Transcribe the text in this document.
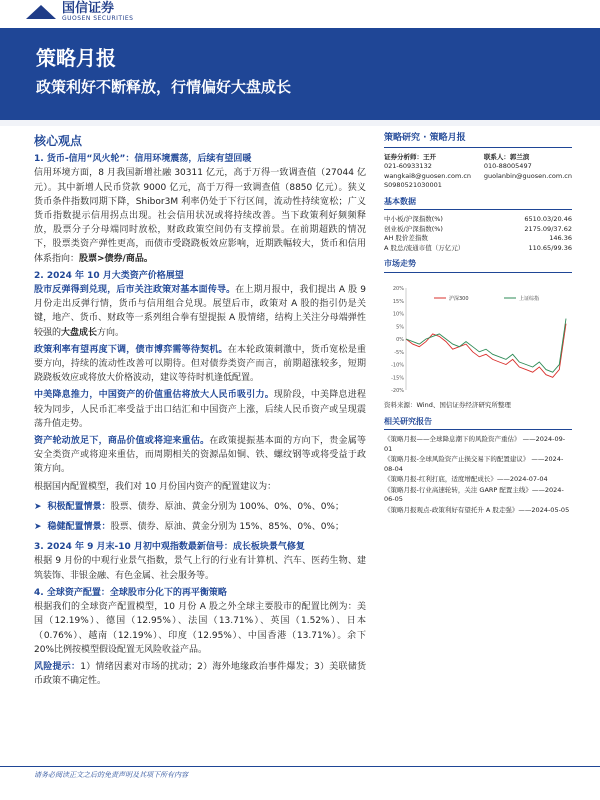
国信证券
GUOSEN SECURITIES
策略月报
政策利好不断释放，行情偏好大盘成长
核心观点
1. 货币-信用“风火轮”：信用环境震荡，后续有望回暖

信用环境方面，8 月我国新增社融 30311 亿元，高于万得一致调查值（27044 亿元）。其中新增人民币贷款 9000 亿元，高于万得一致调查值（8850 亿元）。狭义货币条件指数同期下降，Shibor3M 利率仍处于下行区间，流动性持续宽松；广义货币指数提示信用拐点出现。社会信用状况或将持续改善。当下政策利好频频释放，股票分子分母端同时放松，财政政策空间仍有支撑前景。在前期超跌的情况下，股票类资产弹性更高，而债市受跷跷板效应影响，近期跌幅较大，货币和信用体系指向：股票>债券/商品。

2. 2024 年 10 月大类资产价格展望

股市反弹得到兑现，后市关注政策对基本面传导。在上期月报中，我们提出 A 股 9 月份走出反弹行情，货币与信用组合兑现。展望后市，政策对 A 股的指引仍是关键，地产、货币、财政等一系列组合拳有望提振 A 股情绪，结构上关注分母端弹性较强的大盘成长方向。

政策利率有望再度下调，债市博弈需等待契机。在本轮政策刺激中，货币宽松是重要方向，持续的流动性改善可以期待。但对债券类资产而言，前期超涨较多，短期跷跷板效应或将放大价格波动，建议等待时机逢低配置。

中美降息推力，中国资产的价值重估将放大人民币吸引力。现阶段，中美降息进程较为同步，人民币汇率受益于出口结汇和中国资产上涨，后续人民币资产或呈现震荡升值走势。

资产轮动放足下，商品价值或将迎来重估。在政策提振基本面的方向下，贵金属等安全类资产或将迎来重估，而周期相关的资源品如铜、铁、螺纹钢等或将受益于政策方向。

根据国内配置模型，我们对 10 月份国内资产的配置建议为：

➤ 积极配置情景：股票、债券、原油、黄金分别为 100%、0%、0%、0%；
➤ 稳健配置情景：股票、债券、原油、黄金分别为 15%、85%、0%、0%；
3. 2024 年 9 月末-10 月初中观指数最新信号：成长板块景气修复

根据 9 月份的中观行业景气指数，景气上行的行业有计算机、汽车、医药生物、建筑装饰、非银金融、有色金属、社会服务等。

4. 全球资产配置：全球股市分化下的再平衡策略

根据我们的全球资产配置模型，10 月份 A 股之外全球主要股市的配置比例为：美国（12.19%）、德国（12.95%）、法国（13.71%）、英国（1.52%）、日本（0.76%）、越南（12.19%）、印度（12.95%）、中国香港（13.71%）。余下 20%比例按模型假设配置无风险收益产品。

风险提示：1）情绪因素对市场的扰动；2）海外地缘政治事件爆发；3）美联储货币政策不确定性。

策略研究 · 策略月报
证券分析师：王开
021-60933132
wangkai8@guosen.com.cn
S0980521030001
联系人：郭兰滨
010-88005497
guolanbin@guosen.com.cn
基本数据
中小板/沪深指数(%)	6510.03/20.46
创业板/沪深指数(%)	2175.09/37.62
AH 股价差指数	146.36
A 股总/流通市值（万亿元）	110.65/99.36
市场走势
20%
15%
10%
5%
0%
-5%
-10%
-15%
-20%
沪深300	上证综指
资料来源：Wind、国信证券经济研究所整理
相关研究报告
《策略月报——全球降息潮下的风险资产重估》 ——2024-09-01
《策略月报-全球风险资产止损交易下的配置建议》 ——2024-08-04
《策略月报-红利打底，适度增配成长》——2024-07-04
《策略月报-行业高速轮转，关注 GARP 配置主线》——2024-06-05
《策略月报观点-政策利好有望托升 A 股走强》——2024-05-05
请务必阅读正文之后的免责声明及其项下所有内容
